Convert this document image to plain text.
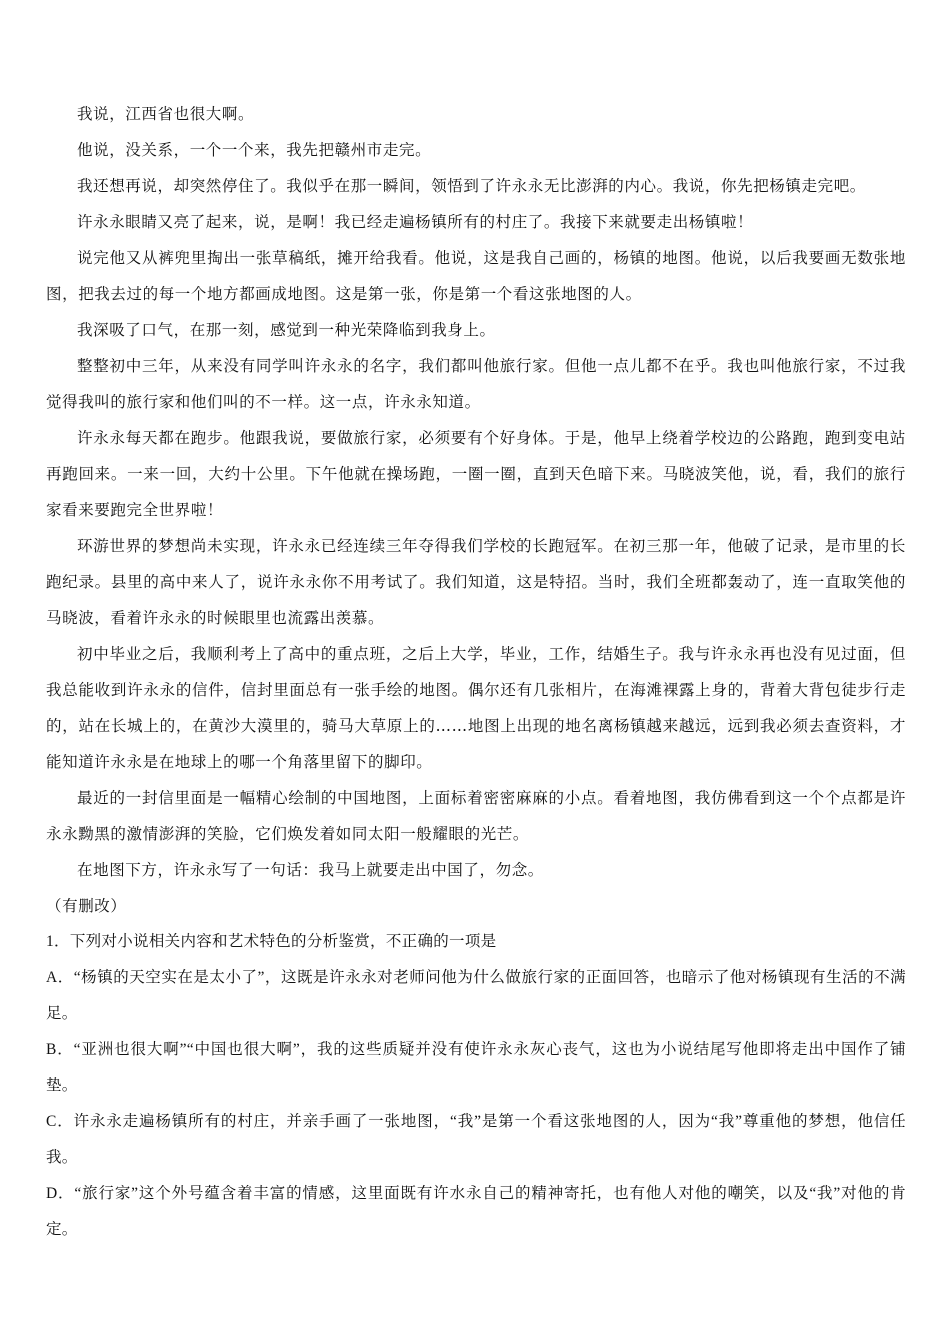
我说，江西省也很大啊。

他说，没关系，一个一个来，我先把赣州市走完。

我还想再说，却突然停住了。我似乎在那一瞬间，领悟到了许永永无比澎湃的内心。我说，你先把杨镇走完吧。

许永永眼睛又亮了起来，说，是啊！我已经走遍杨镇所有的村庄了。我接下来就要走出杨镇啦！

说完他又从裤兜里掏出一张草稿纸，摊开给我看。他说，这是我自己画的，杨镇的地图。他说，以后我要画无数张地图，把我去过的每一个地方都画成地图。这是第一张，你是第一个看这张地图的人。

我深吸了口气，在那一刻，感觉到一种光荣降临到我身上。

整整初中三年，从来没有同学叫许永永的名字，我们都叫他旅行家。但他一点儿都不在乎。我也叫他旅行家，不过我觉得我叫的旅行家和他们叫的不一样。这一点，许永永知道。

许永永每天都在跑步。他跟我说，要做旅行家，必须要有个好身体。于是，他早上绕着学校边的公路跑，跑到变电站再跑回来。一来一回，大约十公里。下午他就在操场跑，一圈一圈，直到天色暗下来。马晓波笑他，说，看，我们的旅行家看来要跑完全世界啦！

环游世界的梦想尚未实现，许永永已经连续三年夺得我们学校的长跑冠军。在初三那一年，他破了记录，是市里的长跑纪录。县里的高中来人了，说许永永你不用考试了。我们知道，这是特招。当时，我们全班都轰动了，连一直取笑他的马晓波，看着许永永的时候眼里也流露出羡慕。

初中毕业之后，我顺利考上了高中的重点班，之后上大学，毕业，工作，结婚生子。我与许永永再也没有见过面，但我总能收到许永永的信件，信封里面总有一张手绘的地图。偶尔还有几张相片，在海滩裸露上身的，背着大背包徒步行走的，站在长城上的，在黄沙大漠里的，骑马大草原上的……地图上出现的地名离杨镇越来越远，远到我必须去查资料，才能知道许永永是在地球上的哪一个角落里留下的脚印。

最近的一封信里面是一幅精心绘制的中国地图，上面标着密密麻麻的小点。看着地图，我仿佛看到这一个个点都是许永永黝黑的激情澎湃的笑脸，它们焕发着如同太阳一般耀眼的光芒。

在地图下方，许永永写了一句话：我马上就要走出中国了，勿念。

（有删改）

1．下列对小说相关内容和艺术特色的分析鉴赏，不正确的一项是

A．“杨镇的天空实在是太小了”，这既是许永永对老师问他为什么做旅行家的正面回答，也暗示了他对杨镇现有生活的不满足。

B．“亚洲也很大啊”“中国也很大啊”，我的这些质疑并没有使许永永灰心丧气，这也为小说结尾写他即将走出中国作了铺垫。

C．许永永走遍杨镇所有的村庄，并亲手画了一张地图，“我”是第一个看这张地图的人，因为“我”尊重他的梦想，他信任我。

D．“旅行家”这个外号蕴含着丰富的情感，这里面既有许水永自己的精神寄托，也有他人对他的嘲笑，以及“我”对他的肯定。
